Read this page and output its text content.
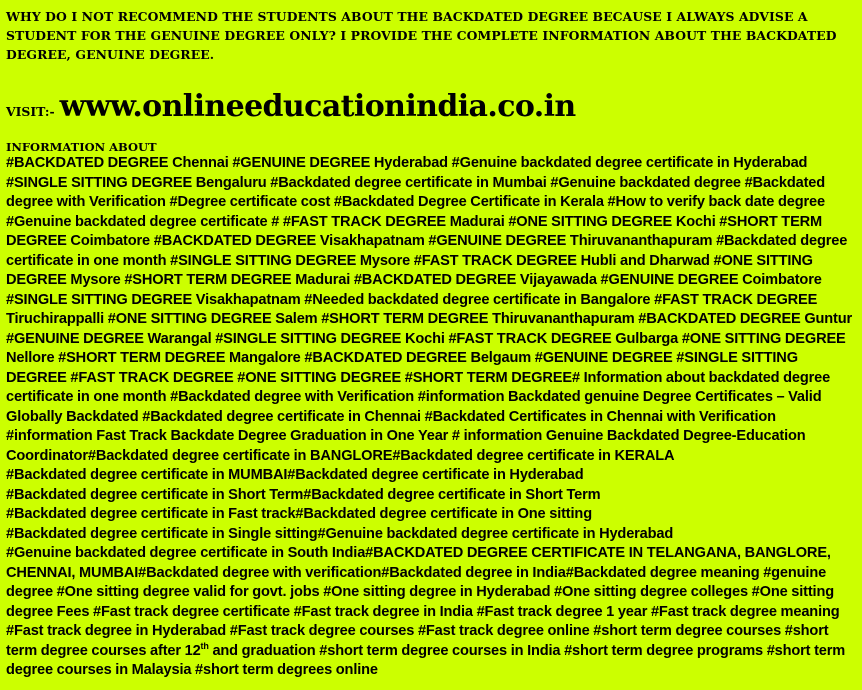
WHY DO I NOT RECOMMEND THE STUDENTS ABOUT THE BACKDATED DEGREE BECAUSE I ALWAYS ADVISE A STUDENT FOR THE GENUINE DEGREE ONLY? I PROVIDE THE COMPLETE INFORMATION ABOUT THE BACKDATED DEGREE, GENUINE DEGREE.

VISIT:- www.onlineeducationindia.co.in
INFORMATION ABOUT
#BACKDATED DEGREE Chennai #GENUINE DEGREE Hyderabad #Genuine backdated degree certificate in Hyderabad #SINGLE SITTING DEGREE Bengaluru #Backdated degree certificate in Mumbai #Genuine backdated degree #Backdated degree with Verification #Degree certificate cost #Backdated Degree Certificate in Kerala #How to verify back date degree #Genuine backdated degree certificate # #FAST TRACK DEGREE Madurai #ONE SITTING DEGREE Kochi #SHORT TERM DEGREE Coimbatore #BACKDATED DEGREE Visakhapatnam #GENUINE DEGREE Thiruvananthapuram #Backdated degree certificate in one month #SINGLE SITTING DEGREE Mysore #FAST TRACK DEGREE Hubli and Dharwad #ONE SITTING DEGREE Mysore #SHORT TERM DEGREE Madurai #BACKDATED DEGREE Vijayawada #GENUINE DEGREE Coimbatore #SINGLE SITTING DEGREE Visakhapatnam #Needed backdated degree certificate in Bangalore #FAST TRACK DEGREE Tiruchirappalli #ONE SITTING DEGREE Salem #SHORT TERM DEGREE Thiruvananthapuram #BACKDATED DEGREE Guntur #GENUINE DEGREE Warangal #SINGLE SITTING DEGREE Kochi #FAST TRACK DEGREE Gulbarga #ONE SITTING DEGREE Nellore #SHORT TERM DEGREE Mangalore #BACKDATED DEGREE Belgaum #GENUINE DEGREE #SINGLE SITTING DEGREE #FAST TRACK DEGREE #ONE SITTING DEGREE #SHORT TERM DEGREE# Information about backdated degree certificate in one month #Backdated degree with Verification #information Backdated genuine Degree Certificates – Valid Globally Backdated #Backdated degree certificate in Chennai #Backdated Certificates in Chennai with Verification #information Fast Track Backdate Degree Graduation in One Year # information Genuine Backdated Degree-Education Coordinator#Backdated degree certificate in BANGLORE#Backdated degree certificate in KERALA
#Backdated degree certificate in MUMBAI#Backdated degree certificate in Hyderabad
#Backdated degree certificate in Short Term#Backdated degree certificate in Short Term
#Backdated degree certificate in Fast track#Backdated degree certificate in One sitting
#Backdated degree certificate in Single sitting#Genuine backdated degree certificate in Hyderabad
#Genuine backdated degree certificate in South India#BACKDATED DEGREE CERTIFICATE IN TELANGANA, BANGLORE, CHENNAI, MUMBAI#Backdated degree with verification#Backdated degree in India#Backdated degree meaning #genuine degree #One sitting degree valid for govt. jobs #One sitting degree in Hyderabad #One sitting degree colleges #One sitting degree Fees #Fast track degree certificate #Fast track degree in India #Fast track degree 1 year #Fast track degree meaning #Fast track degree in Hyderabad #Fast track degree courses #Fast track degree online #short term degree courses #short term degree courses after 12th and graduation #short term degree courses in India #short term degree programs #short term degree courses in Malaysia #short term degrees online
